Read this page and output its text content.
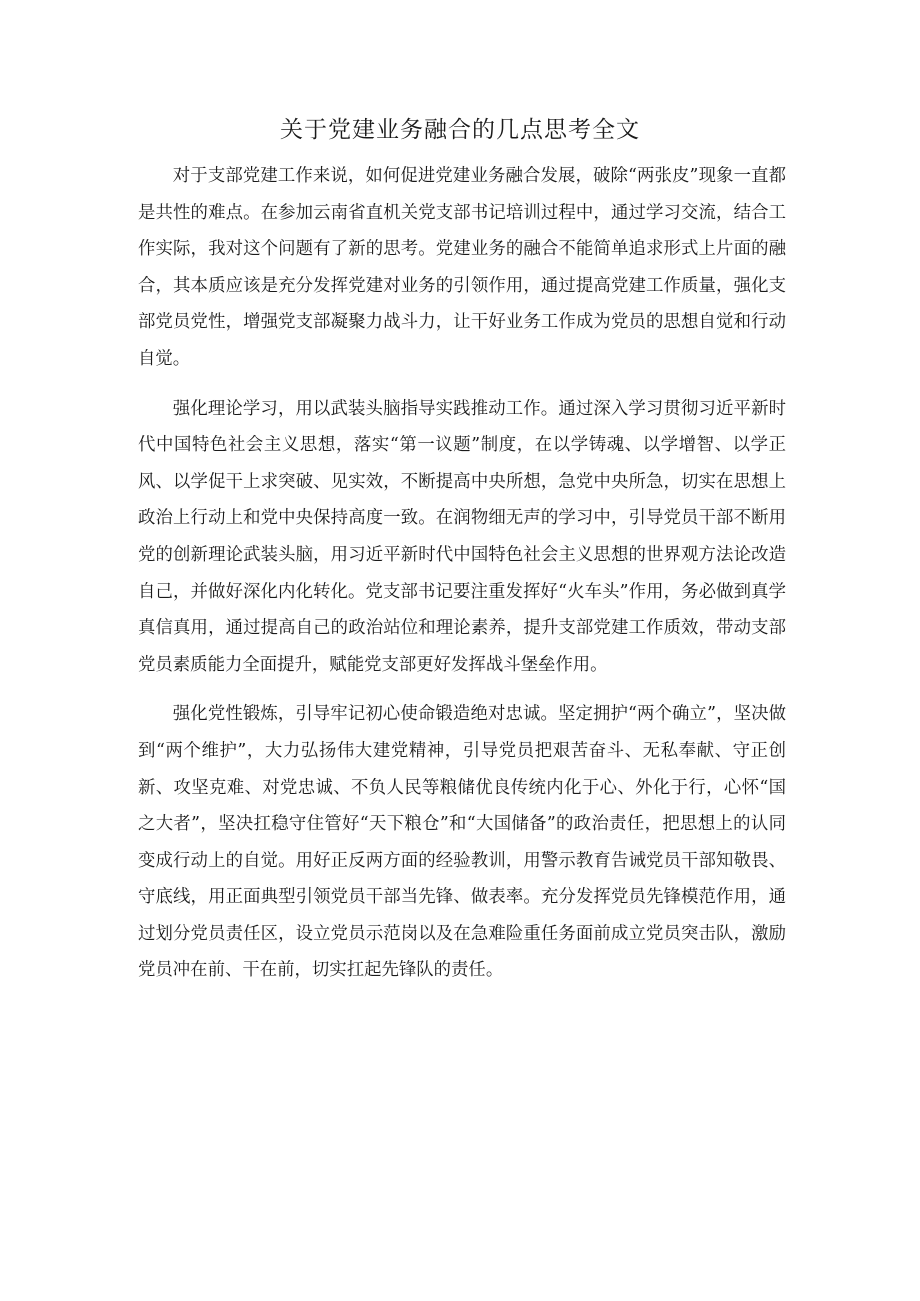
关于党建业务融合的几点思考全文

对于支部党建工作来说，如何促进党建业务融合发展，破除“两张皮”现象一直都是共性的难点。在参加云南省直机关党支部书记培训过程中，通过学习交流，结合工作实际，我对这个问题有了新的思考。党建业务的融合不能简单追求形式上片面的融合，其本质应该是充分发挥党建对业务的引领作用，通过提高党建工作质量，强化支部党员党性，增强党支部凝聚力战斗力，让干好业务工作成为党员的思想自觉和行动自觉。

强化理论学习，用以武装头脑指导实践推动工作。通过深入学习贯彻习近平新时代中国特色社会主义思想，落实“第一议题”制度，在以学铸魂、以学增智、以学正风、以学促干上求突破、见实效，不断提高中央所想，急党中央所急，切实在思想上政治上行动上和党中央保持高度一致。在润物细无声的学习中，引导党员干部不断用党的创新理论武装头脑，用习近平新时代中国特色社会主义思想的世界观方法论改造自己，并做好深化内化转化。党支部书记要注重发挥好“火车头”作用，务必做到真学真信真用，通过提高自己的政治站位和理论素养，提升支部党建工作质效，带动支部党员素质能力全面提升，赋能党支部更好发挥战斗堡垒作用。

强化党性锻炼，引导牢记初心使命锻造绝对忠诚。坚定拥护“两个确立”，坚决做到“两个维护”，大力弘扬伟大建党精神，引导党员把艰苦奋斗、无私奉献、守正创新、攻坚克难、对党忠诚、不负人民等粮储优良传统内化于心、外化于行，心怀“国之大者”，坚决扛稳守住管好“天下粮仓”和“大国储备”的政治责任，把思想上的认同变成行动上的自觉。用好正反两方面的经验教训，用警示教育告诫党员干部知敬畏、守底线，用正面典型引领党员干部当先锋、做表率。充分发挥党员先锋模范作用，通过划分党员责任区，设立党员示范岗以及在急难险重任务面前成立党员突击队，激励党员冲在前、干在前，切实扛起先锋队的责任。
